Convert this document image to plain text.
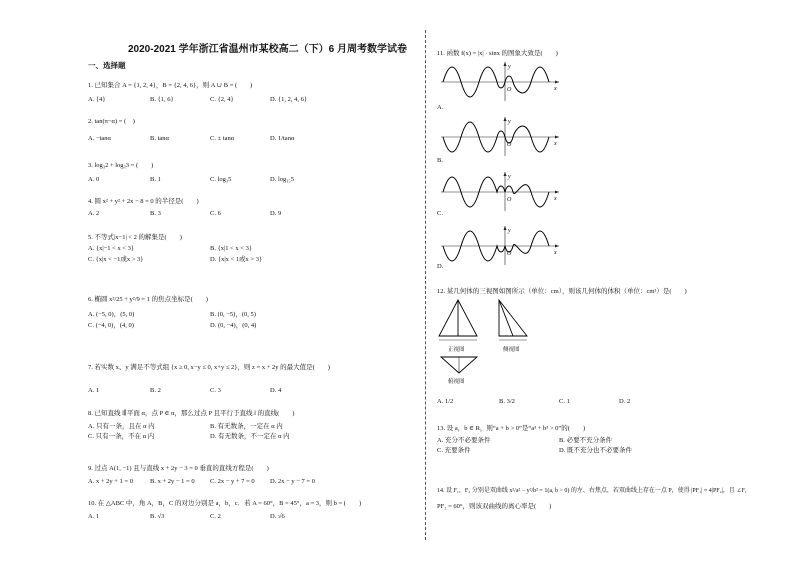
2020-2021 学年浙江省温州市某校高二（下）6 月周考数学试卷
一、选择题
1. 已知集合 A = {1, 2, 4}，B = {2, 4, 6}，则 A ∪ B = (　　)
A. {4}	B. {1, 6}	C. {2, 4}	D. {1, 2, 4, 6}
2. tan(π−α) = (　)
A. −tanα	B. tanα	C. ± tanα	D. 1/tanα
3. log₃2 + log₃3 = (　　)
A. 0	B. 1	C. log₃5	D. log₁₅5
4. 圆 x² + y² + 2x − 8 = 0 的半径是(　　)
A. 2	B. 3	C. 6	D. 9
5. 不等式|x−1| < 2 的解集是(　　)
A. {x|−1 < x < 3}	B. {x|1 < x < 3}
C. {x|x < −1或x > 3}	D. {x|x < 1或x > 3}
6. 椭圆 x²/25 + y²/9 = 1 的焦点坐标是(　　)
A. (−5, 0)，(5, 0)	B. (0, −5)，(0, 5)
C. (−4, 0)，(4, 0)	D. (0, −4)，(0, 4)
7. 若实数 x、y 满足不等式组 {x ≥ 0, x−y ≤ 0, x+y ≤ 2}，则 z = x + 2y 的最大值是(　　)
A. 1	B. 2	C. 3	D. 4
8. 已知直线 l∥平面 α，点 P ∈ α，那么过点 P 且平行于直线 l 的直线(　　)
A. 只有一条，且在 α 内	B. 有无数条，一定在 α 内
C. 只有一条，不在 α 内	D. 有无数条，不一定在 α 内
9. 过点 A(1, −1) 且与直线 x + 2y − 3 = 0 垂直的直线方程是(　　)
A. x + 2y + 1 = 0	B. x + 2y − 1 = 0 C. 2x − y + 7 = 0 D. 2x − y − 7 = 0
10. 在 △ABC 中，角 A，B，C 的对边分别是 a，b，c．若 A = 60°，B = 45°，a = 3，则 b = (　　)
A. 1	B. √3	C. 2	D. √6
11. 函数 f(x) = |x| · sinx 的图象大致是(　　)
O
y
x
A.
O
y
x
B.
O
y
x
C.
O
y
x
D.
12. 某几何体的三视图如图所示（单位：cm），则该几何体的体积（单位：cm³）是(　　)
正视图	侧视图
俯视图
A. 1/2	B. 3/2	C. 1	D. 2
13. 设 a，b ∈ R，则“a + b > 0”是“a³ + b³ > 0”的(　　)
A. 充分不必要条件	B. 必要不充分条件
C. 充要条件	D. 既不充分也不必要条件
14. 设 F₁，F₂ 分别是双曲线 x²/a² − y²/b² = 1(a, b > 0) 的左、右焦点，若双曲线上存在一点 P，使得 |PF₁| = 4|PF₂|，且 ∠F₁
PF₂ = 60°，则该双曲线的离心率是(　　)
